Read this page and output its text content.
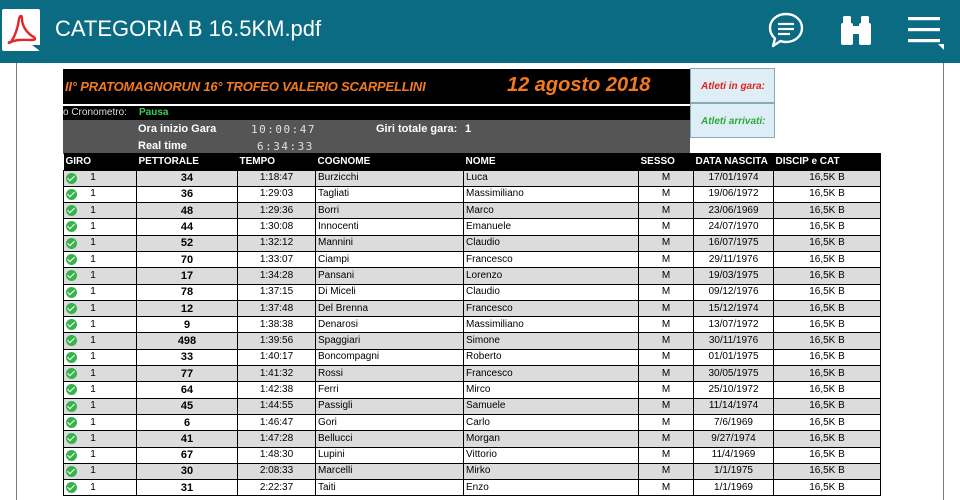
CATEGORIA B 16.5KM.pdf
II° PRATOMAGNORUN 16° TROFEO VALERIO SCARPELLINI	12 agosto 2018	Atleti in gara:
Atleti arrivati:
o Cronometro: Pausa
Ora inizio Gara	10:00:47	Giri totale gara: 1
Real time	6:34:33
GIRO	PETTORALE	TEMPO	COGNOME	NOME	SESSO	DATA NASCITA	DISCIP e CAT

1	34	1:18:47	Burzicchi	Luca	M	17/01/1974	16,5K B

1	36	1:29:03	Tagliati	Massimiliano	M	19/06/1972	16,5K B

1	48	1:29:36	Borri	Marco	M	23/06/1969	16,5K B

1	44	1:30:08	Innocenti	Emanuele	M	24/07/1970	16,5K B

1	52	1:32:12	Mannini	Claudio	M	16/07/1975	16,5K B

1	70	1:33:07	Ciampi	Francesco	M	29/11/1976	16,5K B

1	17	1:34:28	Pansani	Lorenzo	M	19/03/1975	16,5K B

1	78	1:37:15	Di Miceli	Claudio	M	09/12/1976	16,5K B

1	12	1:37:48	Del Brenna	Francesco	M	15/12/1974	16,5K B

1	9	1:38:38	Denarosi	Massimiliano	M	13/07/1972	16,5K B

1	498	1:39:56	Spaggiari	Simone	M	30/11/1976	16,5K B

1	33	1:40:17	Boncompagni	Roberto	M	01/01/1975	16,5K B

1	77	1:41:32	Rossi	Francesco	M	30/05/1975	16,5K B

1	64	1:42:38	Ferri	Mirco	M	25/10/1972	16,5K B

1	45	1:44:55	Passigli	Samuele	M	11/14/1974	16,5K B

1	6	1:46:47	Gori	Carlo	M	7/6/1969	16,5K B

1	41	1:47:28	Bellucci	Morgan	M	9/27/1974	16,5K B

1	67	1:48:30	Lupini	Vittorio	M	11/4/1969	16,5K B

1	30	2:08:33	Marcelli	Mirko	M	1/1/1975	16,5K B

1	31	2:22:37	Taiti	Enzo	M	1/1/1969	16,5K B
